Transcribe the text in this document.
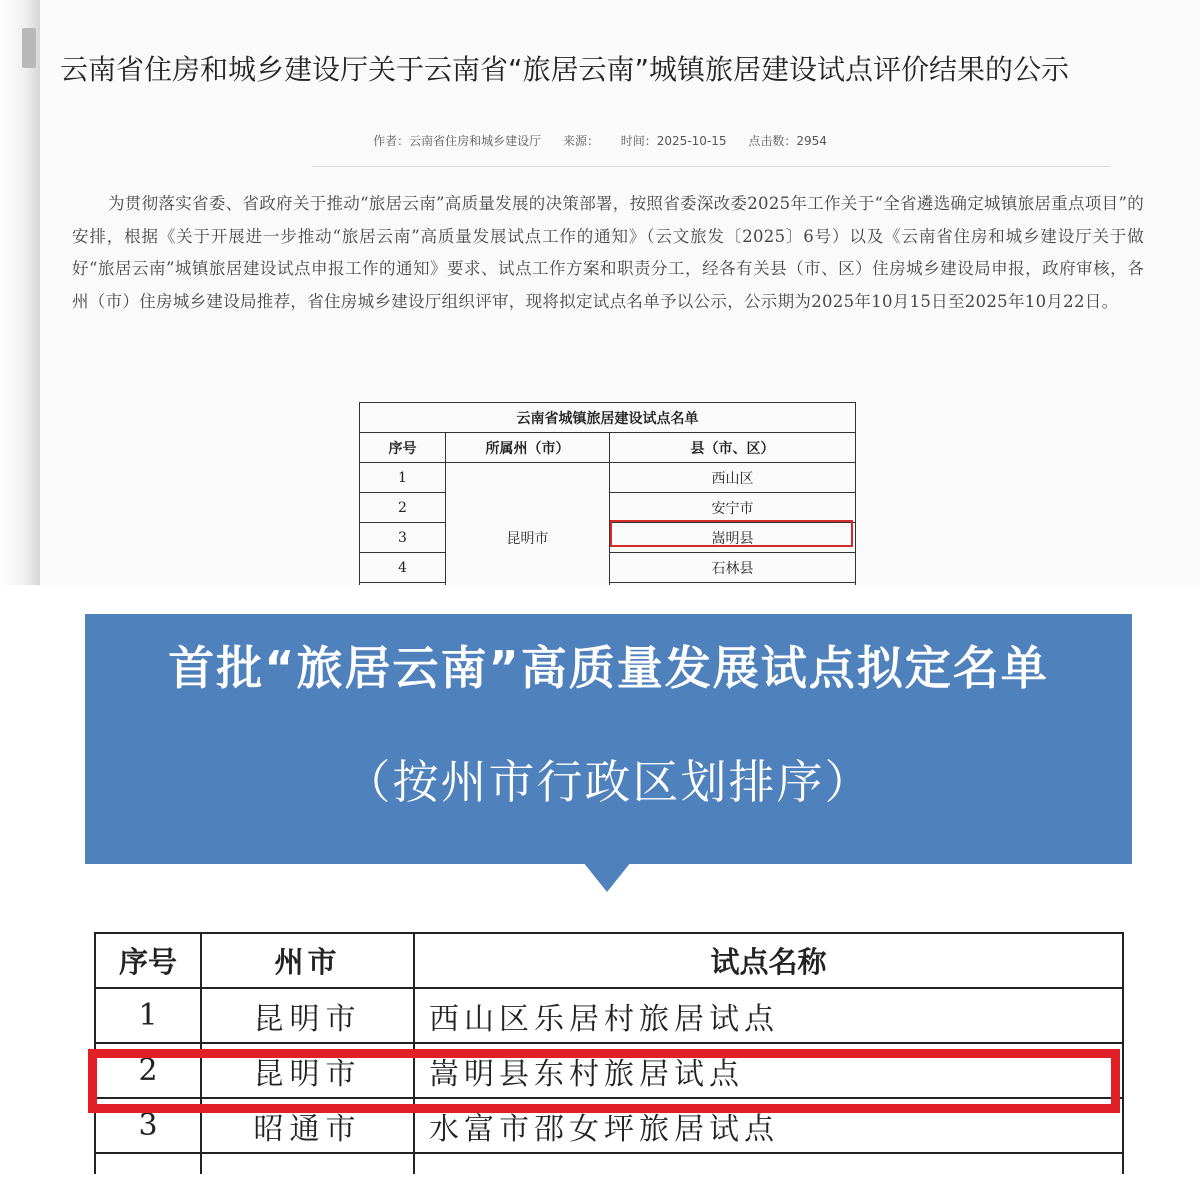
云南省住房和城乡建设厅关于云南省“旅居云南”城镇旅居建设试点评价结果的公示
作者：云南省住房和城乡建设厅 来源： 时间：2025-10-15 点击数：2954
为贯彻落实省委、省政府关于推动“旅居云南”高质量发展的决策部署，按照省委深改委2025年工作关于“全省遴选确定城镇旅居重点项目”的安排，根据《关于开展进一步推动“旅居云南”高质量发展试点工作的通知》（云文旅发〔2025〕6号）以及《云南省住房和城乡建设厅关于做好“旅居云南”城镇旅居建设试点申报工作的通知》要求、试点工作方案和职责分工，经各有关县（市、区）住房城乡建设局申报，政府审核，各州（市）住房城乡建设局推荐，省住房城乡建设厅组织评审，现将拟定试点名单予以公示，公示期为2025年10月15日至2025年10月22日。
云南省城镇旅居建设试点名单		
序号	所属州（市）	县（市、区）
1	昆明市	西山区
2		安宁市
3		嵩明县
4		石林县

首批“旅居云南”高质量发展试点拟定名单
（按州市行政区划排序）
序号	州市	试点名称
1	昆明市	西山区乐居村旅居试点
2	昆明市	嵩明县东村旅居试点
3	昭通市	水富市邵女坪旅居试点
